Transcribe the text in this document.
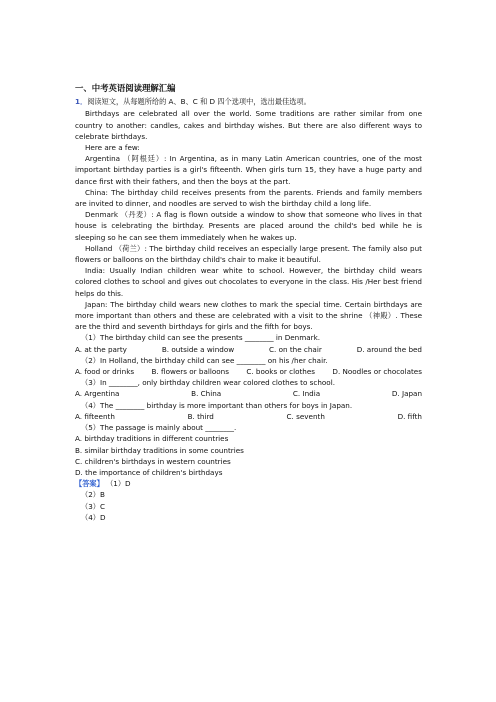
一、中考英语阅读理解汇编
1．阅读短文，从每题所给的 A、B、C 和 D 四个选项中，选出最佳选项。
Birthdays are celebrated all over the world. Some traditions are rather similar from one country to another: candles, cakes and birthday wishes. But there are also different ways to celebrate birthdays.
Here are a few:
Argentina （阿根廷）: In Argentina, as in many Latin American countries, one of the most important birthday parties is a girl's fifteenth. When girls turn 15, they have a huge party and dance first with their fathers, and then the boys at the part.
China: The birthday child receives presents from the parents. Friends and family members are invited to dinner, and noodles are served to wish the birthday child a long life.
Denmark （丹麦）: A flag is flown outside a window to show that someone who lives in that house is celebrating the birthday. Presents are placed around the child's bed while he is sleeping so he can see them immediately when he wakes up.
Holland （荷兰）: The birthday child receives an especially large present. The family also put flowers or balloons on the birthday child's chair to make it beautiful.
India: Usually Indian children wear white to school. However, the birthday child wears colored clothes to school and gives out chocolates to everyone in the class. His /Her best friend helps do this.
Japan: The birthday child wears new clothes to mark the special time. Certain birthdays are more important than others and these are celebrated with a visit to the shrine （神殿）. These are the third and seventh birthdays for girls and the fifth for boys.
（1）The birthday child can see the presents ________ in Denmark.
A. at the party	B. outside a window	C. on the chair	D. around the bed
（2）In Holland, the birthday child can see ________ on his /her chair.
A. food or drinks B. flowers or balloons C. books or clothes D. Noodles or chocolates
（3）In ________, only birthday children wear colored clothes to school.
A. Argentina	B. China	C. India	D. Japan
（4）The ________ birthday is more important than others for boys in Japan.
A. fifteenth	B. third	C. seventh	D. fifth
（5）The passage is mainly about ________.
A. birthday traditions in different countries
B. similar birthday traditions in some countries
C. children's birthdays in western countries
D. the importance of children's birthdays
【答案】 （1）D
（2）B
（3）C
（4）D
